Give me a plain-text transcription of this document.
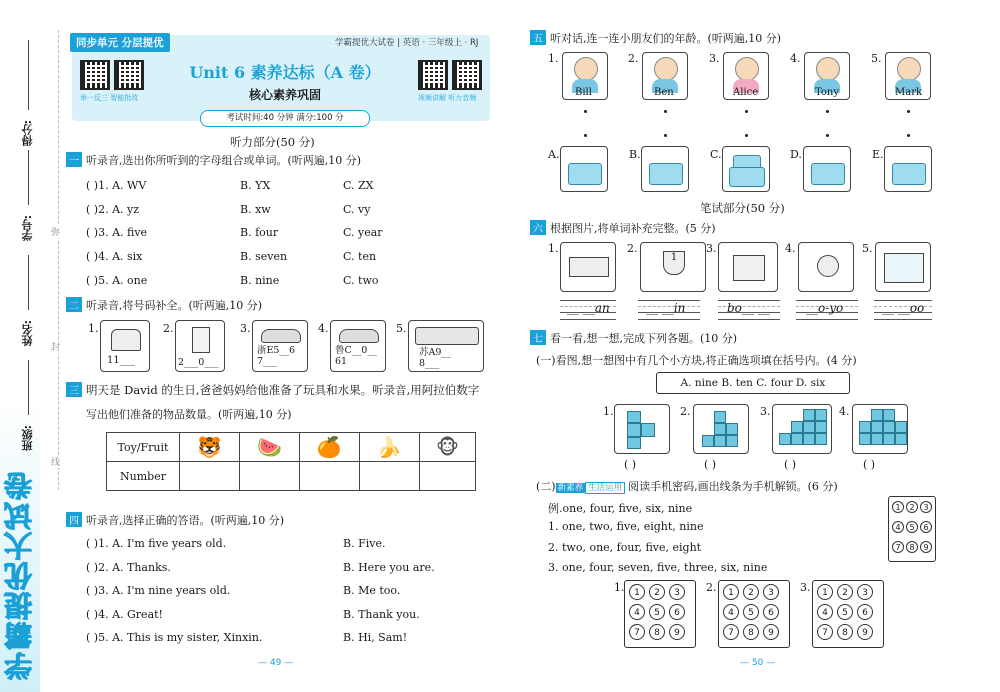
得分:
学号:
姓名:
班级:
弥
封
线
学霸提优大试卷
同步单元 分层提优	学霸提优大试卷 | 英语 · 三年级上 · RJ
举一反三 智能批改	视频讲解 听力音频
Unit 6 素养达标（A 卷）
核心素养巩固
考试时间:40 分钟 满分:100 分
听力部分(50 分)
一 听录音,选出你所听到的字母组合或单词。(听两遍,10 分)
( )1. A. WV	B. YX	C. ZX
( )2. A. yz	B. xw	C. vy
( )3. A. five	B. four	C. year
( )4. A. six	B. seven	C. ten
( )5. A. one	B. nine	C. two
二 听录音,将号码补全。(听两遍,10 分)
1.
11___
2.
2___0___
3.
浙E5__6
7___
4.
鲁C__0__
61
5.
苏A9__
8___
三 明天是 David 的生日,爸爸妈妈给他准备了玩具和水果。听录音,用阿拉伯数字
写出他们准备的物品数量。(听两遍,10 分)
Toy/Fruit	🐯	🍉	🍊	🍌	🐵
Number					
四 听录音,选择正确的答语。(听两遍,10 分)
( )1. A. I'm five years old.	B. Five.
( )2. A. Thanks.	B. Here you are.
( )3. A. I'm nine years old.	B. Me too.
( )4. A. Great!	B. Thank you.
( )5. A. This is my sister, Xinxin.	B. Hi, Sam!
— 49 —
五 听对话,连一连小朋友们的年龄。(听两遍,10 分)
1.
Bill
2.
Ben
3.
Alice
4.
Tony
5.
Mark
A.	B.	C.	D.	E.
笔试部分(50 分)
六 根据图片,将单词补充完整。(5 分)
1.	2.
1
3.	4.	5.
__ __an	__ __in	bo__ __	__o-yo	__ __oo
七 看一看,想一想,完成下列各题。(10 分)
(一)看图,想一想图中有几个小方块,将正确选项填在括号内。(4 分)
A. nine B. ten C. four D. six
1.	2.	3.	4.
( )	( )	( )	( )
(二) 新素养 生活运用 阅读手机密码,画出线条为手机解锁。(6 分)
例.one, four, five, six, nine
1. one, two, five, eight, nine
2. two, one, four, five, eight
3. one, four, seven, five, three, six, nine
1	2	3
4	5	6
7	8	9
1.	1	2	3
4	5	6
7	8	9
2.	1	2	3
4	5	6
7	8	9
3.	1	2	3
4	5	6
7	8	9
— 50 —
